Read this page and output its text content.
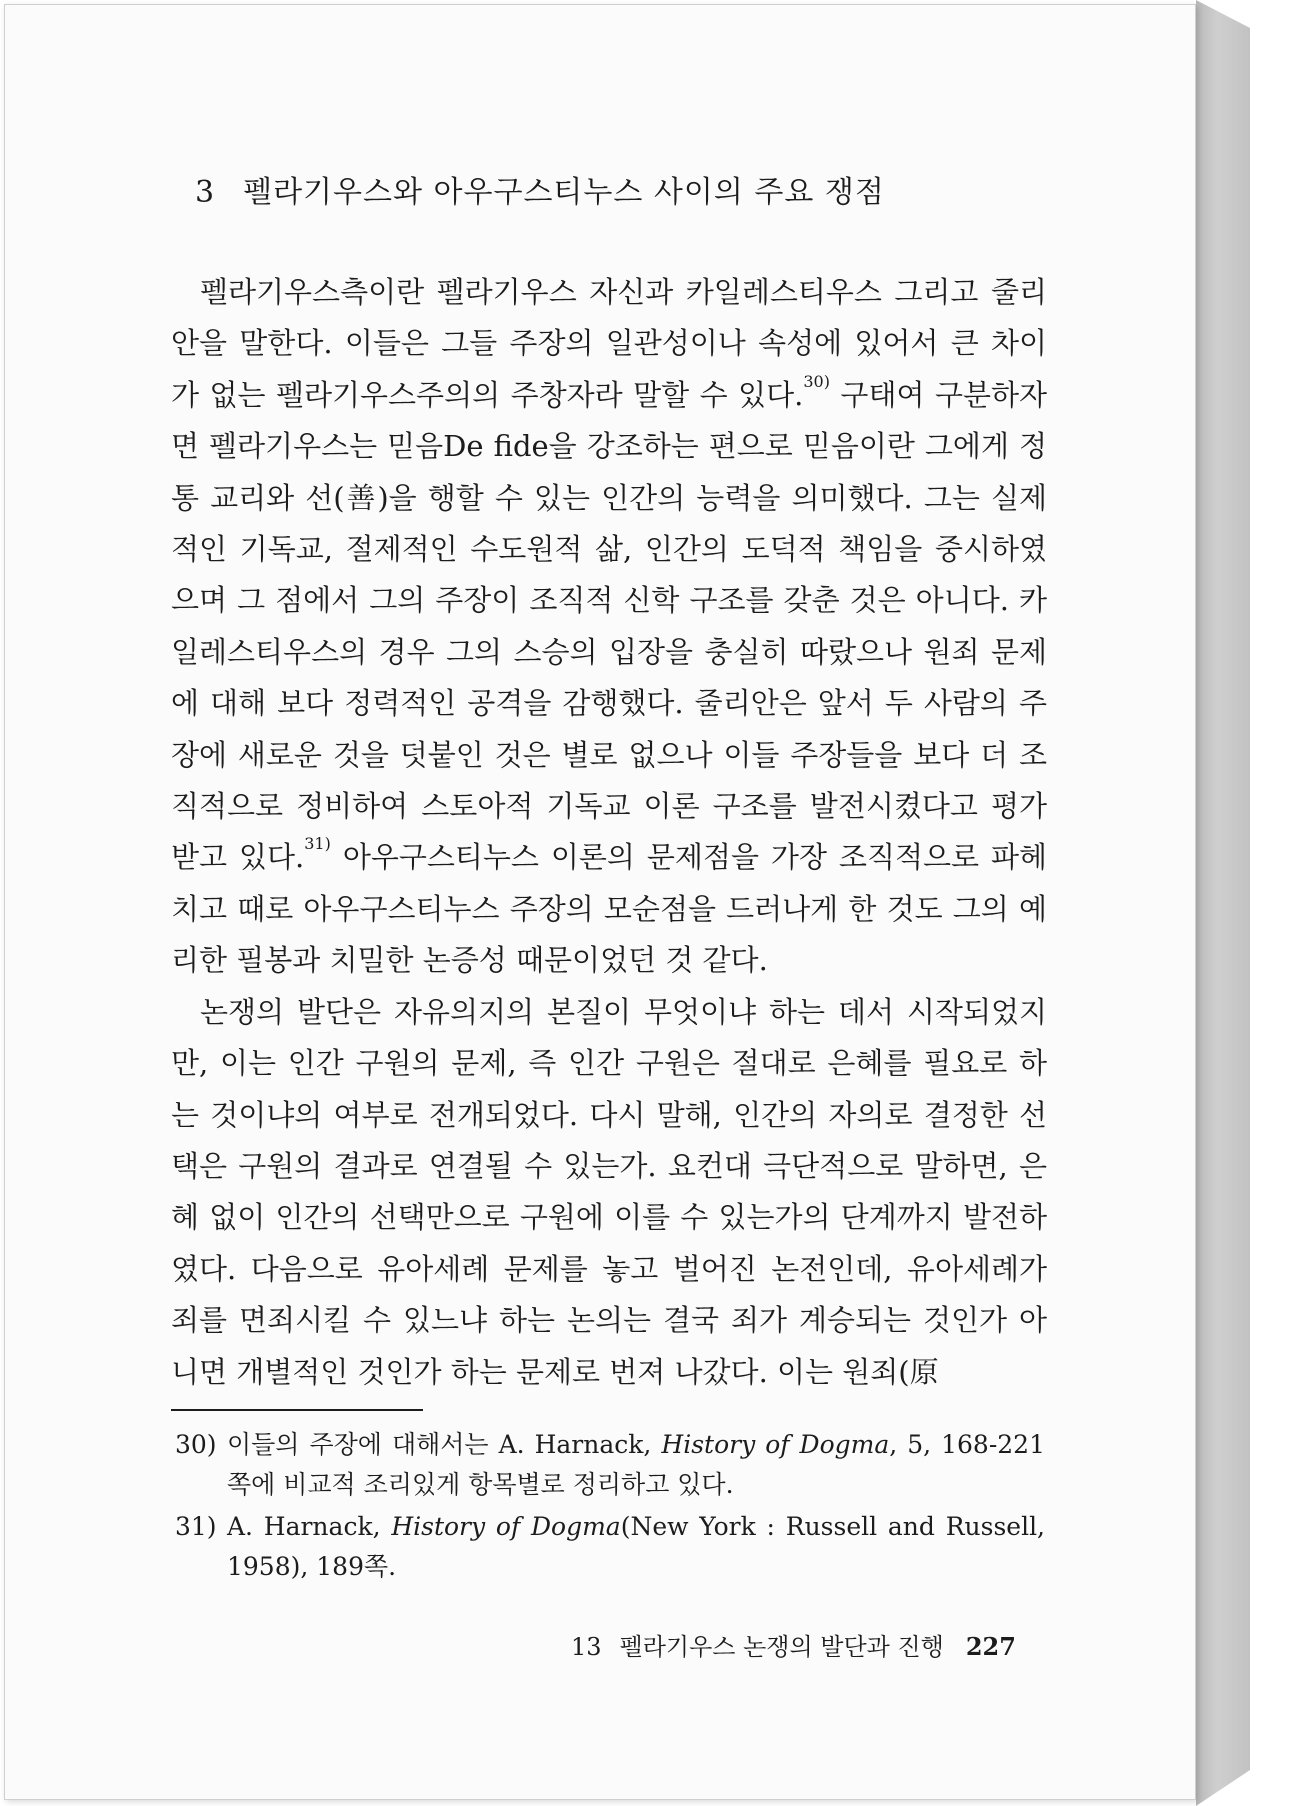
3 펠라기우스와 아우구스티누스 사이의 주요 쟁점

펠라기우스측이란 펠라기우스 자신과 카일레스티우스 그리고 줄리안을 말한다. 이들은 그들 주장의 일관성이나 속성에 있어서 큰 차이가 없는 펠라기우스주의의 주창자라 말할 수 있다.$^{30)}$ 구태여 구분하자면 펠라기우스는 믿음De fide을 강조하는 편으로 믿음이란 그에게 정통 교리와 선(善)을 행할 수 있는 인간의 능력을 의미했다. 그는 실제적인 기독교, 절제적인 수도원적 삶, 인간의 도덕적 책임을 중시하였으며 그 점에서 그의 주장이 조직적 신학 구조를 갖춘 것은 아니다. 카일레스티우스의 경우 그의 스승의 입장을 충실히 따랐으나 원죄 문제에 대해 보다 정력적인 공격을 감행했다. 줄리안은 앞서 두 사람의 주장에 새로운 것을 덧붙인 것은 별로 없으나 이들 주장들을 보다 더 조직적으로 정비하여 스토아적 기독교 이론 구조를 발전시켰다고 평가받고 있다.$^{31)}$ 아우구스티누스 이론의 문제점을 가장 조직적으로 파헤치고 때로 아우구스티누스 주장의 모순점을 드러나게 한 것도 그의 예리한 필봉과 치밀한 논증성 때문이었던 것 같다.

논쟁의 발단은 자유의지의 본질이 무엇이냐 하는 데서 시작되었지만, 이는 인간 구원의 문제, 즉 인간 구원은 절대로 은혜를 필요로 하는 것이냐의 여부로 전개되었다. 다시 말해, 인간의 자의로 결정한 선택은 구원의 결과로 연결될 수 있는가. 요컨대 극단적으로 말하면, 은혜 없이 인간의 선택만으로 구원에 이를 수 있는가의 단계까지 발전하였다. 다음으로 유아세례 문제를 놓고 벌어진 논전인데, 유아세례가 죄를 면죄시킬 수 있느냐 하는 논의는 결국 죄가 계승되는 것인가 아니면 개별적인 것인가 하는 문제로 번져 나갔다. 이는 원죄(原

30) 이들의 주장에 대해서는 A. Harnack, History of Dogma, 5, 168-221쪽에 비교적 조리있게 항목별로 정리하고 있다.
31) A. Harnack, History of Dogma(New York : Russell and Russell, 1958), 189쪽.
13 펠라기우스 논쟁의 발단과 진행 227
